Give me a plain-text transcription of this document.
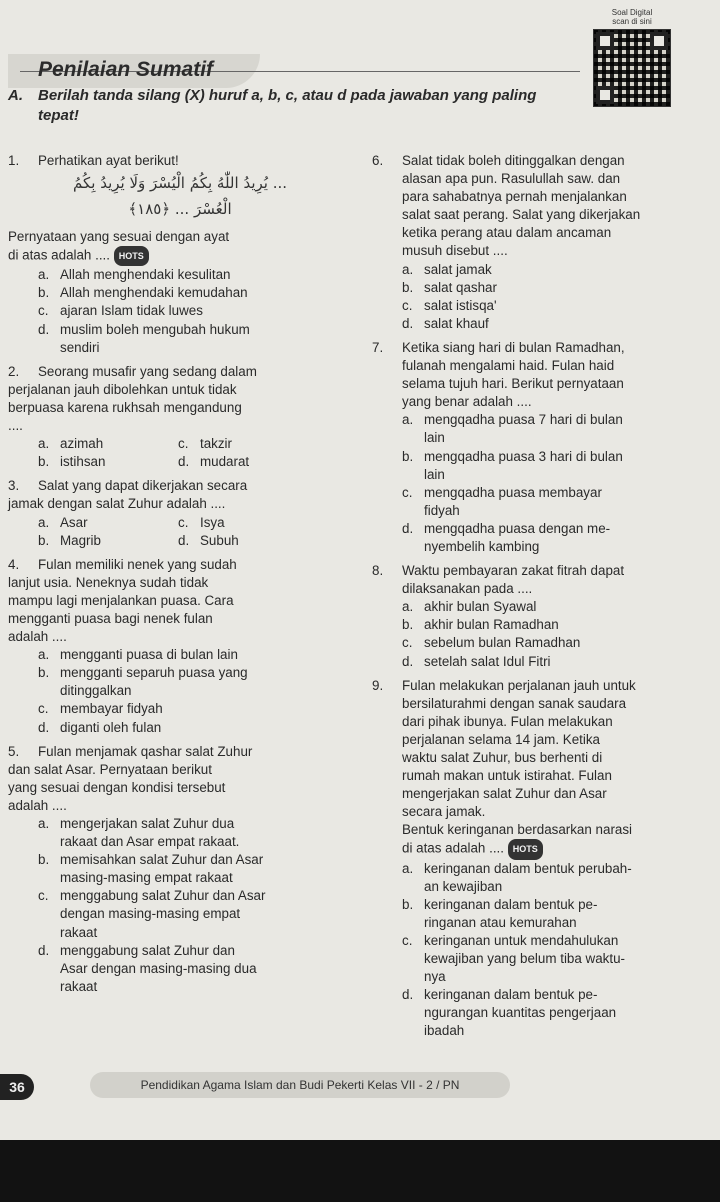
Soal Digital
scan di sini
Penilaian Sumatif
A.	Berilah tanda silang (X) huruf a, b, c, atau d pada jawaban yang paling tepat!
1.	Perhatikan ayat berikut!
... يُرِيدُ اللّٰهُ بِكُمُ الْيُسْرَ وَلَا يُرِيدُ بِكُمُ
الْعُسْرَ ... ﴿١٨٥﴾
Pernyataan yang sesuai dengan ayat
di atas adalah .... HOTS
a. Allah menghendaki kesulitan
b. Allah menghendaki kemudahan
c. ajaran Islam tidak luwes
d. muslim boleh mengubah hukum
sendiri
2.	Seorang musafir yang sedang dalam
perjalanan jauh dibolehkan untuk tidak
berpuasa karena rukhsah mengandung
....
a. azimah	c. takzir
b. istihsan	d. mudarat
3.	Salat yang dapat dikerjakan secara
jamak dengan salat Zuhur adalah ....
a. Asar	c. Isya
b. Magrib	d. Subuh
4.	Fulan memiliki nenek yang sudah
lanjut usia. Neneknya sudah tidak
mampu lagi menjalankan puasa. Cara
mengganti puasa bagi nenek fulan
adalah ....
a. mengganti puasa di bulan lain
b. mengganti separuh puasa yang
ditinggalkan
c. membayar fidyah
d. diganti oleh fulan
5.	Fulan menjamak qashar salat Zuhur
dan salat Asar. Pernyataan berikut
yang sesuai dengan kondisi tersebut
adalah ....
a. mengerjakan salat Zuhur dua
rakaat dan Asar empat rakaat.
b. memisahkan salat Zuhur dan Asar
masing-masing empat rakaat
c. menggabung salat Zuhur dan Asar
dengan masing-masing empat
rakaat
d. menggabung salat Zuhur dan
Asar dengan masing-masing dua
rakaat
6.	Salat tidak boleh ditinggalkan dengan
alasan apa pun. Rasulullah saw. dan
para sahabatnya pernah menjalankan
salat saat perang. Salat yang dikerjakan
ketika perang atau dalam ancaman
musuh disebut ....
a. salat jamak
b. salat qashar
c. salat istisqa'
d. salat khauf
7.	Ketika siang hari di bulan Ramadhan,
fulanah mengalami haid. Fulan haid
selama tujuh hari. Berikut pernyataan
yang benar adalah ....
a. mengqadha puasa 7 hari di bulan
lain
b. mengqadha puasa 3 hari di bulan
lain
c. mengqadha puasa membayar
fidyah
d. mengqadha puasa dengan me-
nyembelih kambing
8.	Waktu pembayaran zakat fitrah dapat
dilaksanakan pada ....
a. akhir bulan Syawal
b. akhir bulan Ramadhan
c. sebelum bulan Ramadhan
d. setelah salat Idul Fitri
9.	Fulan melakukan perjalanan jauh untuk
bersilaturahmi dengan sanak saudara
dari pihak ibunya. Fulan melakukan
perjalanan selama 14 jam. Ketika
waktu salat Zuhur, bus berhenti di
rumah makan untuk istirahat. Fulan
mengerjakan salat Zuhur dan Asar
secara jamak.
Bentuk keringanan berdasarkan narasi
di atas adalah .... HOTS
a. keringanan dalam bentuk perubah-
an kewajiban
b. keringanan dalam bentuk pe-
ringanan atau kemurahan
c. keringanan untuk mendahulukan
kewajiban yang belum tiba waktu-
nya
d. keringanan dalam bentuk pe-
ngurangan kuantitas pengerjaan
ibadah
36	Pendidikan Agama Islam dan Budi Pekerti Kelas VII - 2 / PN
